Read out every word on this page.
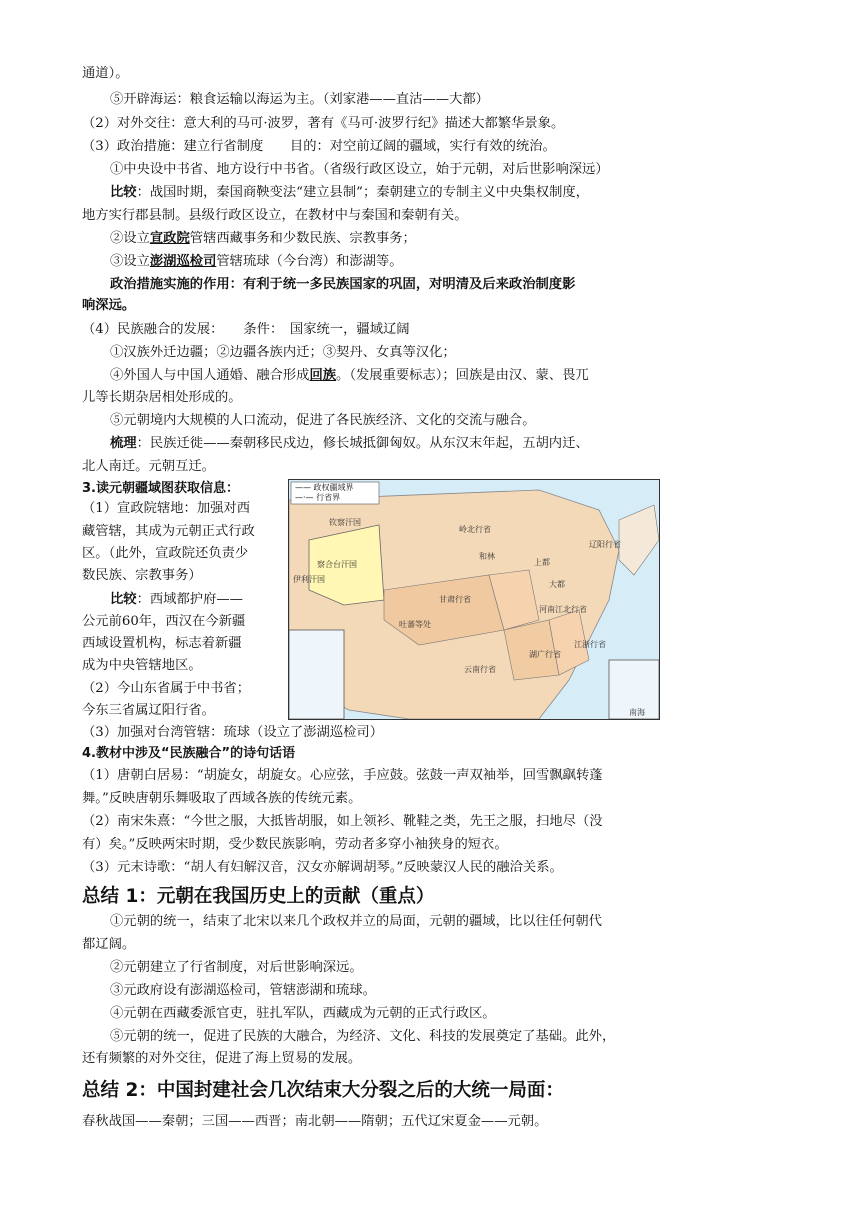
通道）。
⑤开辟海运：粮食运输以海运为主。（刘家港——直沽——大都）
（2）对外交往：意大利的马可·波罗，著有《马可·波罗行纪》描述大都繁华景象。
（3）政治措施：建立行省制度　　目的：对空前辽阔的疆域，实行有效的统治。
①中央设中书省、地方设行中书省。（省级行政区设立，始于元朝，对后世影响深远）
比较：战国时期，秦国商鞅变法“建立县制”；秦朝建立的专制主义中央集权制度，
地方实行郡县制。县级行政区设立，在教材中与秦国和秦朝有关。
②设立宣政院管辖西藏事务和少数民族、宗教事务；
③设立澎湖巡检司管辖琉球（今台湾）和澎湖等。
政治措施实施的作用：有利于统一多民族国家的巩固，对明清及后来政治制度影
响深远。
（4）民族融合的发展：　　条件：　国家统一，疆域辽阔
①汉族外迁边疆；②边疆各族内迁；③契丹、女真等汉化；
④外国人与中国人通婚、融合形成回族。（发展重要标志）；回族是由汉、蒙、畏兀
儿等长期杂居相处形成的。
⑤元朝境内大规模的人口流动，促进了各民族经济、文化的交流与融合。
梳理：民族迁徙——秦朝移民戍边，修长城抵御匈奴。从东汉末年起，五胡内迁、
北人南迁。元朝互迁。
3.读元朝疆域图获取信息：
（1）宣政院辖地：加强对西
藏管辖，其成为元朝正式行政
区。（此外，宣政院还负责少
数民族、宗教事务）
比较：西域都护府——
公元前60年，西汉在今新疆
西域设置机构，标志着新疆
成为中央管辖地区。
（2）今山东省属于中书省；
今东三省属辽阳行省。
（3）加强对台湾管辖：琉球（设立了澎湖巡检司）
—— 政权疆域界
—·— 行省界
钦察汗国
察合台汗国
伊利汗国
和林
上都
大都
甘肃行省
吐蕃等处
云南行省
湖广行省
江浙行省
河南江北行省
辽阳行省
岭北行省
南海
4.教材中涉及“民族融合”的诗句话语
（1）唐朝白居易：“胡旋女，胡旋女。心应弦，手应鼓。弦鼓一声双袖举，回雪飘飖转蓬
舞。”反映唐朝乐舞吸取了西域各族的传统元素。
（2）南宋朱熹：“今世之服，大抵皆胡服，如上领衫、靴鞋之类，先王之服，扫地尽（没
有）矣。”反映两宋时期，受少数民族影响，劳动者多穿小袖狭身的短衣。
（3）元末诗歌：“胡人有妇解汉音，汉女亦解调胡琴。”反映蒙汉人民的融洽关系。
总结 1：元朝在我国历史上的贡献（重点）
①元朝的统一，结束了北宋以来几个政权并立的局面，元朝的疆域，比以往任何朝代
都辽阔。
②元朝建立了行省制度，对后世影响深远。
③元政府设有澎湖巡检司，管辖澎湖和琉球。
④元朝在西藏委派官吏，驻扎军队，西藏成为元朝的正式行政区。
⑤元朝的统一，促进了民族的大融合，为经济、文化、科技的发展奠定了基础。此外，
还有频繁的对外交往，促进了海上贸易的发展。
总结 2：中国封建社会几次结束大分裂之后的大统一局面：
春秋战国——秦朝；三国——西晋；南北朝——隋朝；五代辽宋夏金——元朝。
